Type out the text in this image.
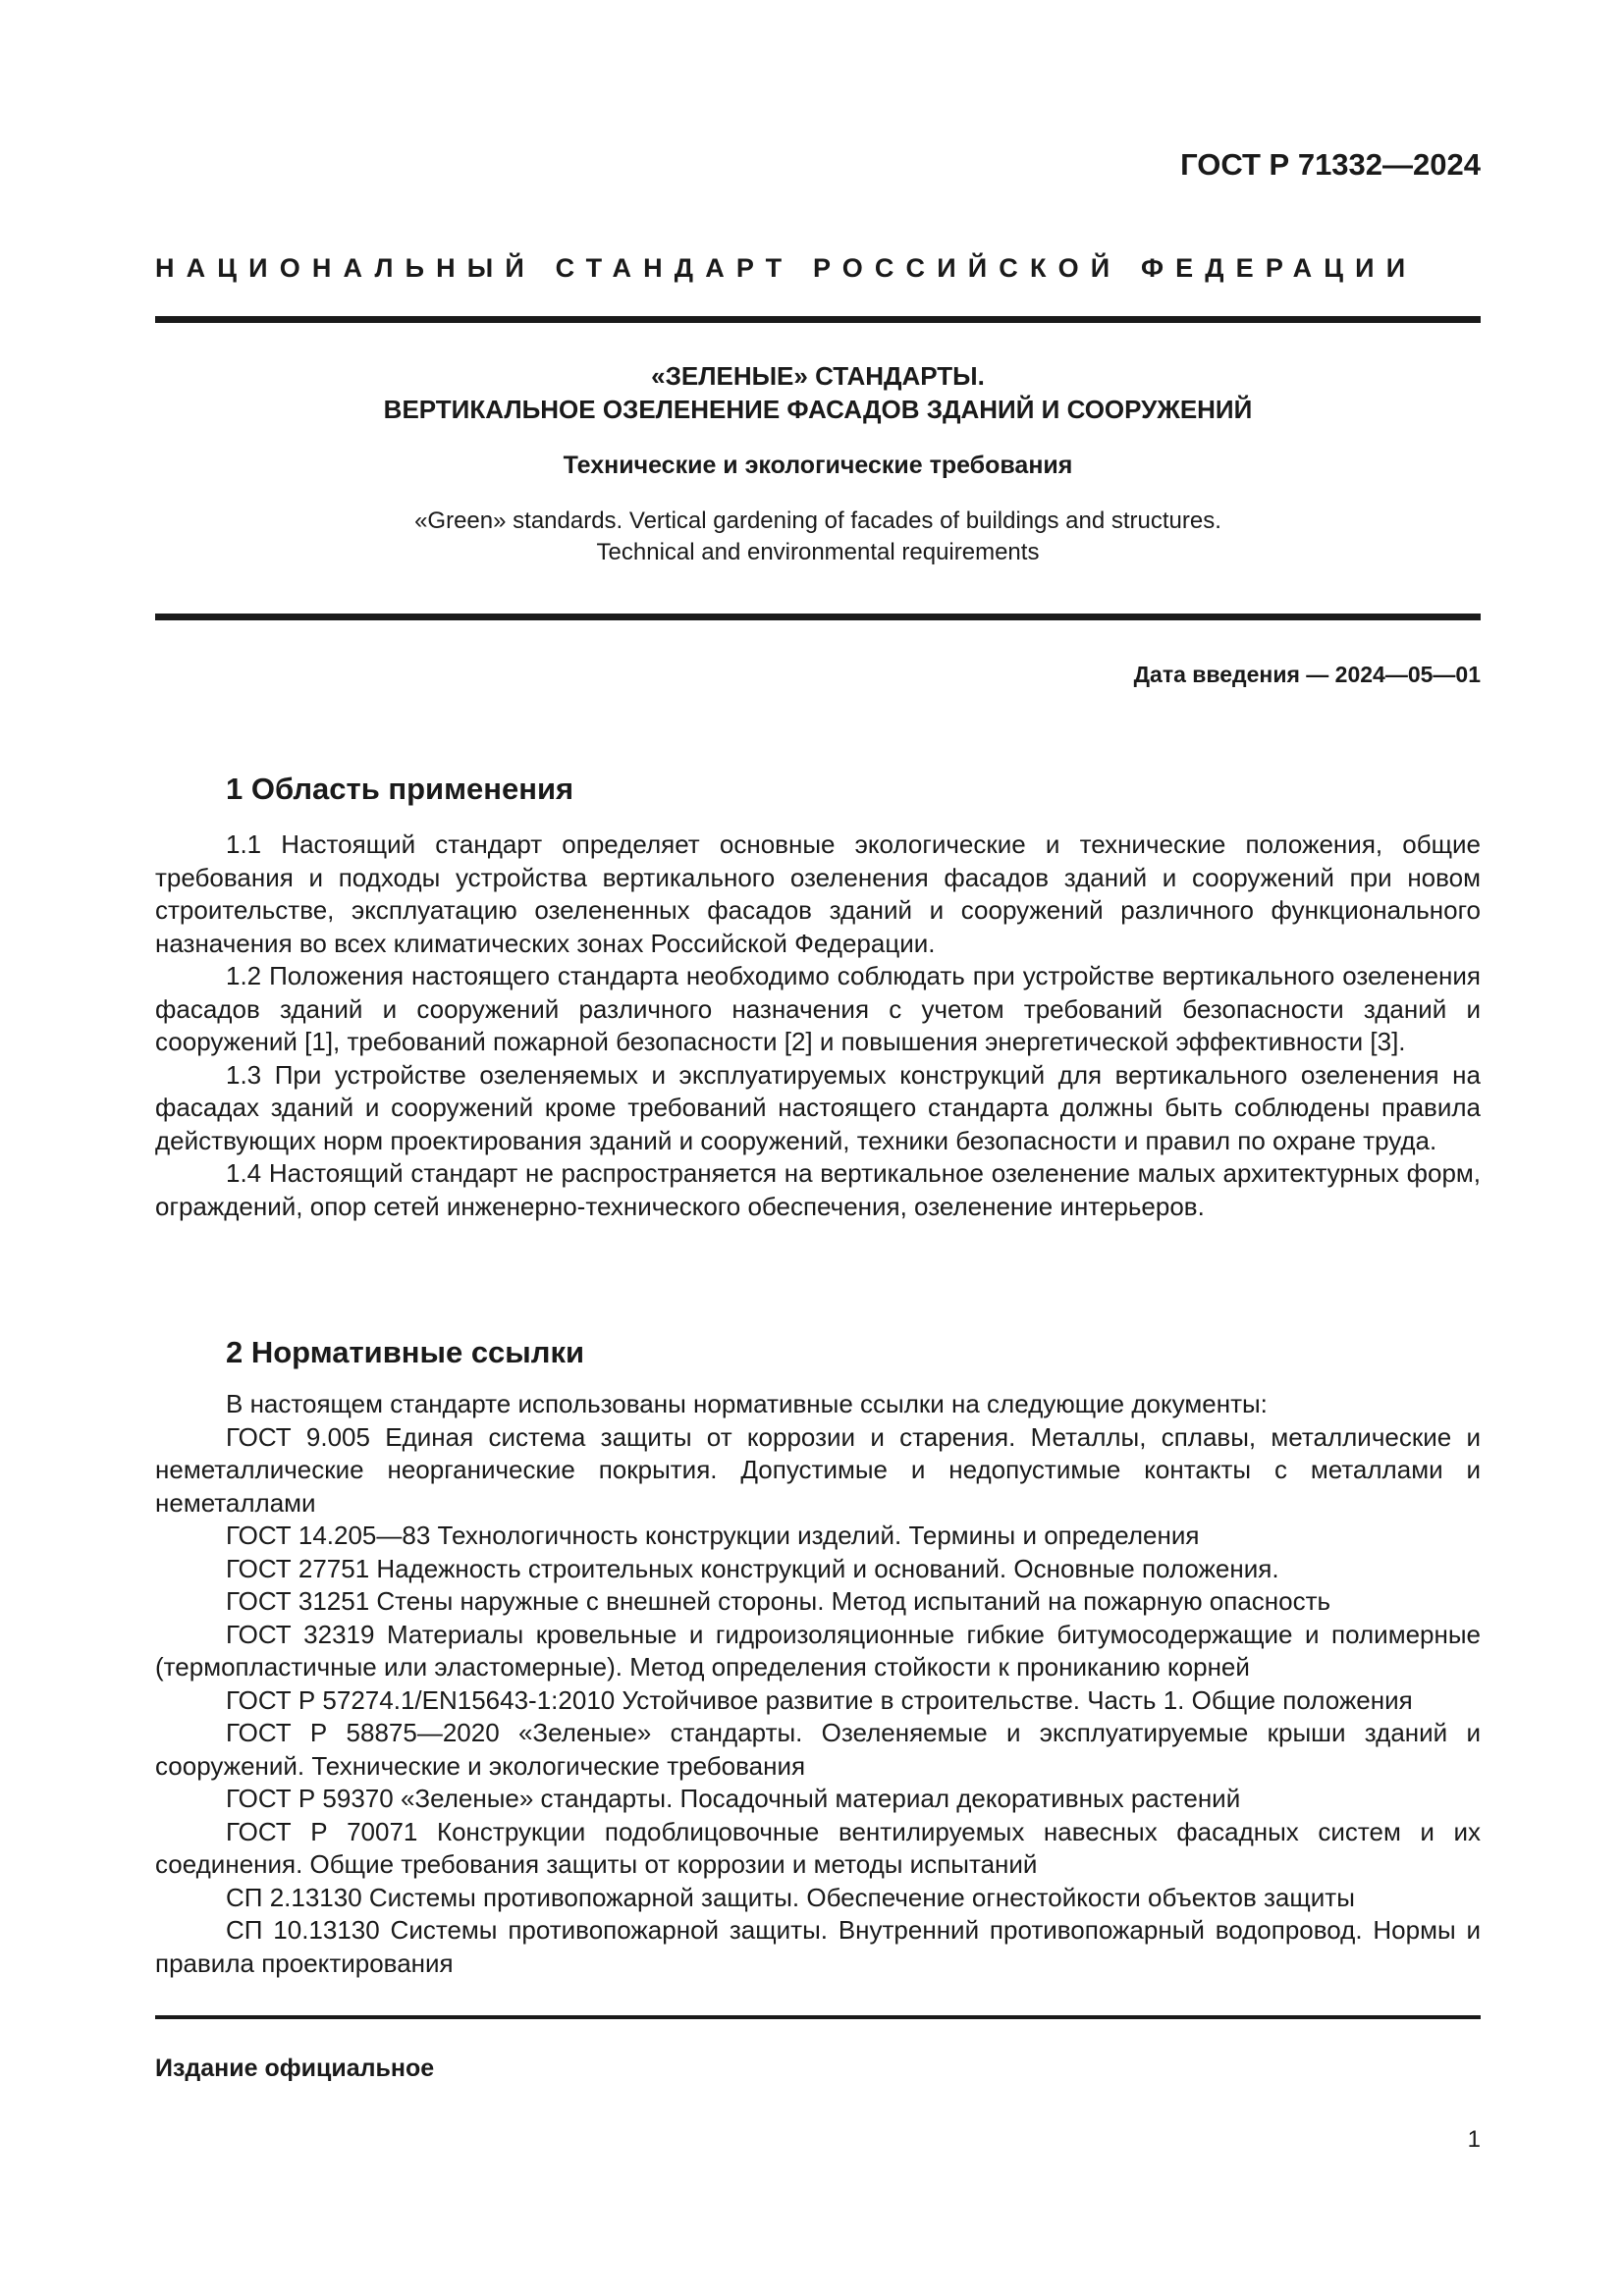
ГОСТ Р 71332—2024
НАЦИОНАЛЬНЫЙ СТАНДАРТ РОССИЙСКОЙ ФЕДЕРАЦИИ
«ЗЕЛЕНЫЕ» СТАНДАРТЫ.
ВЕРТИКАЛЬНОЕ ОЗЕЛЕНЕНИЕ ФАСАДОВ ЗДАНИЙ И СООРУЖЕНИЙ
Технические и экологические требования
«Green» standards. Vertical gardening of facades of buildings and structures.
Technical and environmental requirements
Дата введения — 2024—05—01
1 Область применения

1.1 Настоящий стандарт определяет основные экологические и технические положения, общие требования и подходы устройства вертикального озеленения фасадов зданий и сооружений при новом строительстве, эксплуатацию озелененных фасадов зданий и сооружений различного функционального назначения во всех климатических зонах Российской Федерации.

1.2 Положения настоящего стандарта необходимо соблюдать при устройстве вертикального озеленения фасадов зданий и сооружений различного назначения с учетом требований безопасности зданий и сооружений [1], требований пожарной безопасности [2] и повышения энергетической эффективности [3].

1.3 При устройстве озеленяемых и эксплуатируемых конструкций для вертикального озеленения на фасадах зданий и сооружений кроме требований настоящего стандарта должны быть соблюдены правила действующих норм проектирования зданий и сооружений, техники безопасности и правил по охране труда.

1.4 Настоящий стандарт не распространяется на вертикальное озеленение малых архитектурных форм, ограждений, опор сетей инженерно-технического обеспечения, озеленение интерьеров.

2 Нормативные ссылки

В настоящем стандарте использованы нормативные ссылки на следующие документы:

ГОСТ 9.005 Единая система защиты от коррозии и старения. Металлы, сплавы, металлические и неметаллические неорганические покрытия. Допустимые и недопустимые контакты с металлами и неметаллами

ГОСТ 14.205—83 Технологичность конструкции изделий. Термины и определения

ГОСТ 27751 Надежность строительных конструкций и оснований. Основные положения.

ГОСТ 31251 Стены наружные с внешней стороны. Метод испытаний на пожарную опасность

ГОСТ 32319 Материалы кровельные и гидроизоляционные гибкие битумосодержащие и полимерные (термопластичные или эластомерные). Метод определения стойкости к прониканию корней

ГОСТ Р 57274.1/EN15643-1:2010 Устойчивое развитие в строительстве. Часть 1. Общие положения

ГОСТ Р 58875—2020 «Зеленые» стандарты. Озеленяемые и эксплуатируемые крыши зданий и сооружений. Технические и экологические требования

ГОСТ Р 59370 «Зеленые» стандарты. Посадочный материал декоративных растений

ГОСТ Р 70071 Конструкции подоблицовочные вентилируемых навесных фасадных систем и их соединения. Общие требования защиты от коррозии и методы испытаний

СП 2.13130 Системы противопожарной защиты. Обеспечение огнестойкости объектов защиты

СП 10.13130 Системы противопожарной защиты. Внутренний противопожарный водопровод. Нормы и правила проектирования

Издание официальное
1
